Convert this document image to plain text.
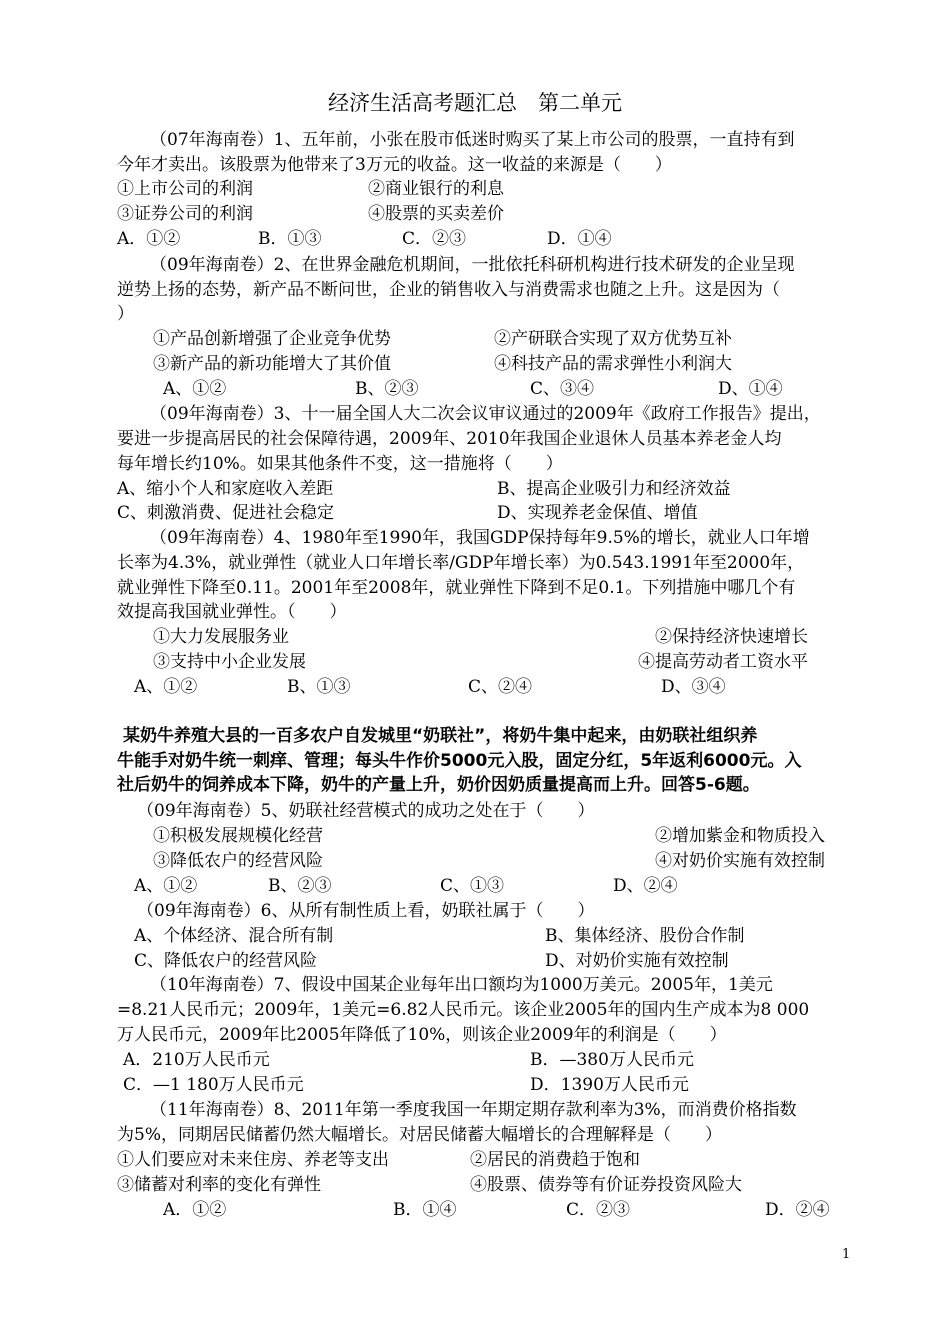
经济生活高考题汇总　第二单元
（07年海南卷）1、五年前，小张在股市低迷时购买了某上市公司的股票，一直持有到
今年才卖出。该股票为他带来了3万元的收益。这一收益的来源是（　　）
①上市公司的利润	②商业银行的利息
③证券公司的利润	④股票的买卖差价
A．①②	B．①③	C．②③	D．①④
（09年海南卷）2、在世界金融危机期间，一批依托科研机构进行技术研发的企业呈现
逆势上扬的态势，新产品不断问世，企业的销售收入与消费需求也随之上升。这是因为（
）
①产品创新增强了企业竞争优势	②产研联合实现了双方优势互补
③新产品的新功能增大了其价值	④科技产品的需求弹性小利润大
A、①②	B、②③	C、③④	D、①④
（09年海南卷）3、十一届全国人大二次会议审议通过的2009年《政府工作报告》提出，
要进一步提高居民的社会保障待遇，2009年、2010年我国企业退休人员基本养老金人均
每年增长约10%。如果其他条件不变，这一措施将（　　）
A、缩小个人和家庭收入差距	B、提高企业吸引力和经济效益
C、刺激消费、促进社会稳定	D、实现养老金保值、增值
（09年海南卷）4、1980年至1990年，我国GDP保持每年9.5%的增长，就业人口年增
长率为4.3%，就业弹性（就业人口年增长率/GDP年增长率）为0.543.1991年至2000年，
就业弹性下降至0.11。2001年至2008年，就业弹性下降到不足0.1。下列措施中哪几个有
效提高我国就业弹性。（　　）
①大力发展服务业	②保持经济快速增长
③支持中小企业发展	④提高劳动者工资水平
A、①②	B、①③	C、②④	D、③④
某奶牛养殖大县的一百多农户自发城里“奶联社”，将奶牛集中起来，由奶联社组织养
牛能手对奶牛统一刺痒、管理；每头牛作价5000元入股，固定分红，5年返利6000元。入
社后奶牛的饲养成本下降，奶牛的产量上升，奶价因奶质量提高而上升。回答5-6题。
（09年海南卷）5、奶联社经营模式的成功之处在于（　　）
①积极发展规模化经营	②增加紫金和物质投入
③降低农户的经营风险	④对奶价实施有效控制
A、①②	B、②③	C、①③	D、②④
（09年海南卷）6、从所有制性质上看，奶联社属于（　　）
A、个体经济、混合所有制	B、集体经济、股份合作制
C、降低农户的经营风险	D、对奶价实施有效控制
（10年海南卷）7、假设中国某企业每年出口额均为1000万美元。2005年，1美元
=8.21人民币元；2009年，1美元=6.82人民币元。该企业2005年的国内生产成本为8 000
万人民币元，2009年比2005年降低了10%，则该企业2009年的利润是（　　）
A．210万人民币元	B．—380万人民币元
C．—1 180万人民币元	D．1390万人民币元
（11年海南卷）8、2011年第一季度我国一年期定期存款利率为3%，而消费价格指数
为5%，同期居民储蓄仍然大幅增长。对居民储蓄大幅增长的合理解释是（　　）
①人们要应对未来住房、养老等支出	②居民的消费趋于饱和
③储蓄对利率的变化有弹性	④股票、债券等有价证券投资风险大
A．①②	B．①④	C．②③	D．②④
1
